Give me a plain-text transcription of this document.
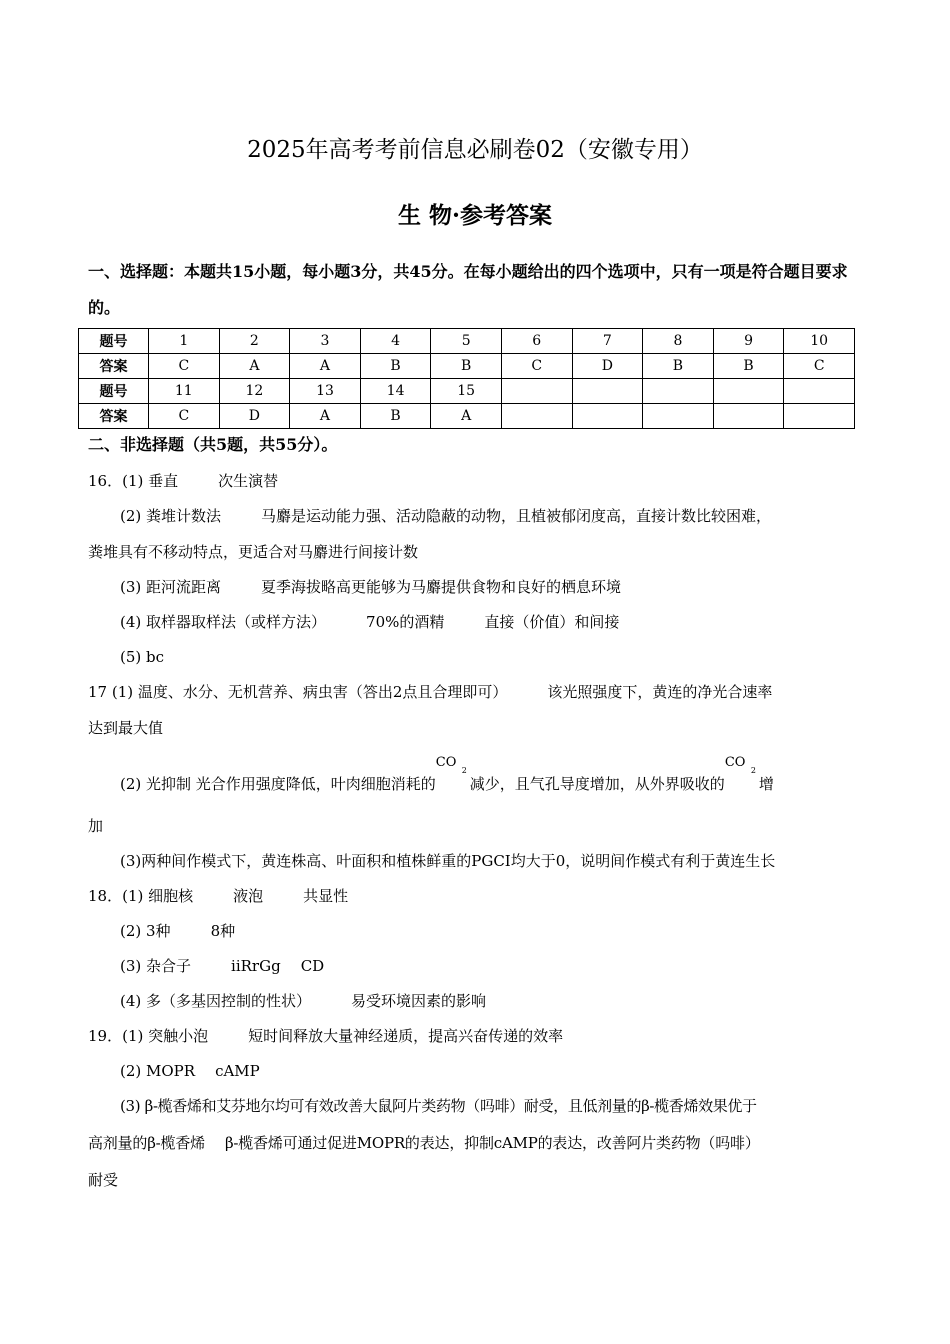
2025年高考考前信息必刷卷02（安徽专用）
生 物·参考答案
一、选择题：本题共15小题，每小题3分，共45分。在每小题给出的四个选项中，只有一项是符合题目要求的。
题号	1	2	3	4	5	6	7	8	9	10
答案	C	A	A	B	B	C	D	B	B	C
题号	11	12	13	14	15					
答案	C	D	A	B	A					
二、非选择题（共5题，共55分）。
16．(1) 垂直	次生演替
(2) 粪堆计数法	马麝是运动能力强、活动隐蔽的动物，且植被郁闭度高，直接计数比较困难，
粪堆具有不移动特点，更适合对马麝进行间接计数
(3) 距河流距离	夏季海拔略高更能够为马麝提供食物和良好的栖息环境
(4) 取样器取样法（或样方法）	70%的酒精	直接（价值）和间接
(5) bc
17 (1) 温度、水分、无机营养、病虫害（答出2点且合理即可）	该光照强度下，黄连的净光合速率
达到最大值
(2) 光抑制 光合作用强度降低，叶肉细胞消耗的
CO
2
减少，且气孔导度增加，从外界吸收的
CO
2
增
加
(3)两种间作模式下，黄连株高、叶面积和植株鲜重的PGCI均大于0，说明间作模式有利于黄连生长
18．(1) 细胞核	液泡	共显性
(2) 3种	8种
(3) 杂合子	iiRrGg CD
(4) 多（多基因控制的性状）	易受环境因素的影响
19．(1) 突触小泡	短时间释放大量神经递质，提高兴奋传递的效率
(2) MOPR cAMP
(3) β-榄香烯和艾芬地尔均可有效改善大鼠阿片类药物（吗啡）耐受，且低剂量的β-榄香烯效果优于
高剂量的β-榄香烯 β-榄香烯可通过促进MOPR的表达，抑制cAMP的表达，改善阿片类药物（吗啡）
耐受
